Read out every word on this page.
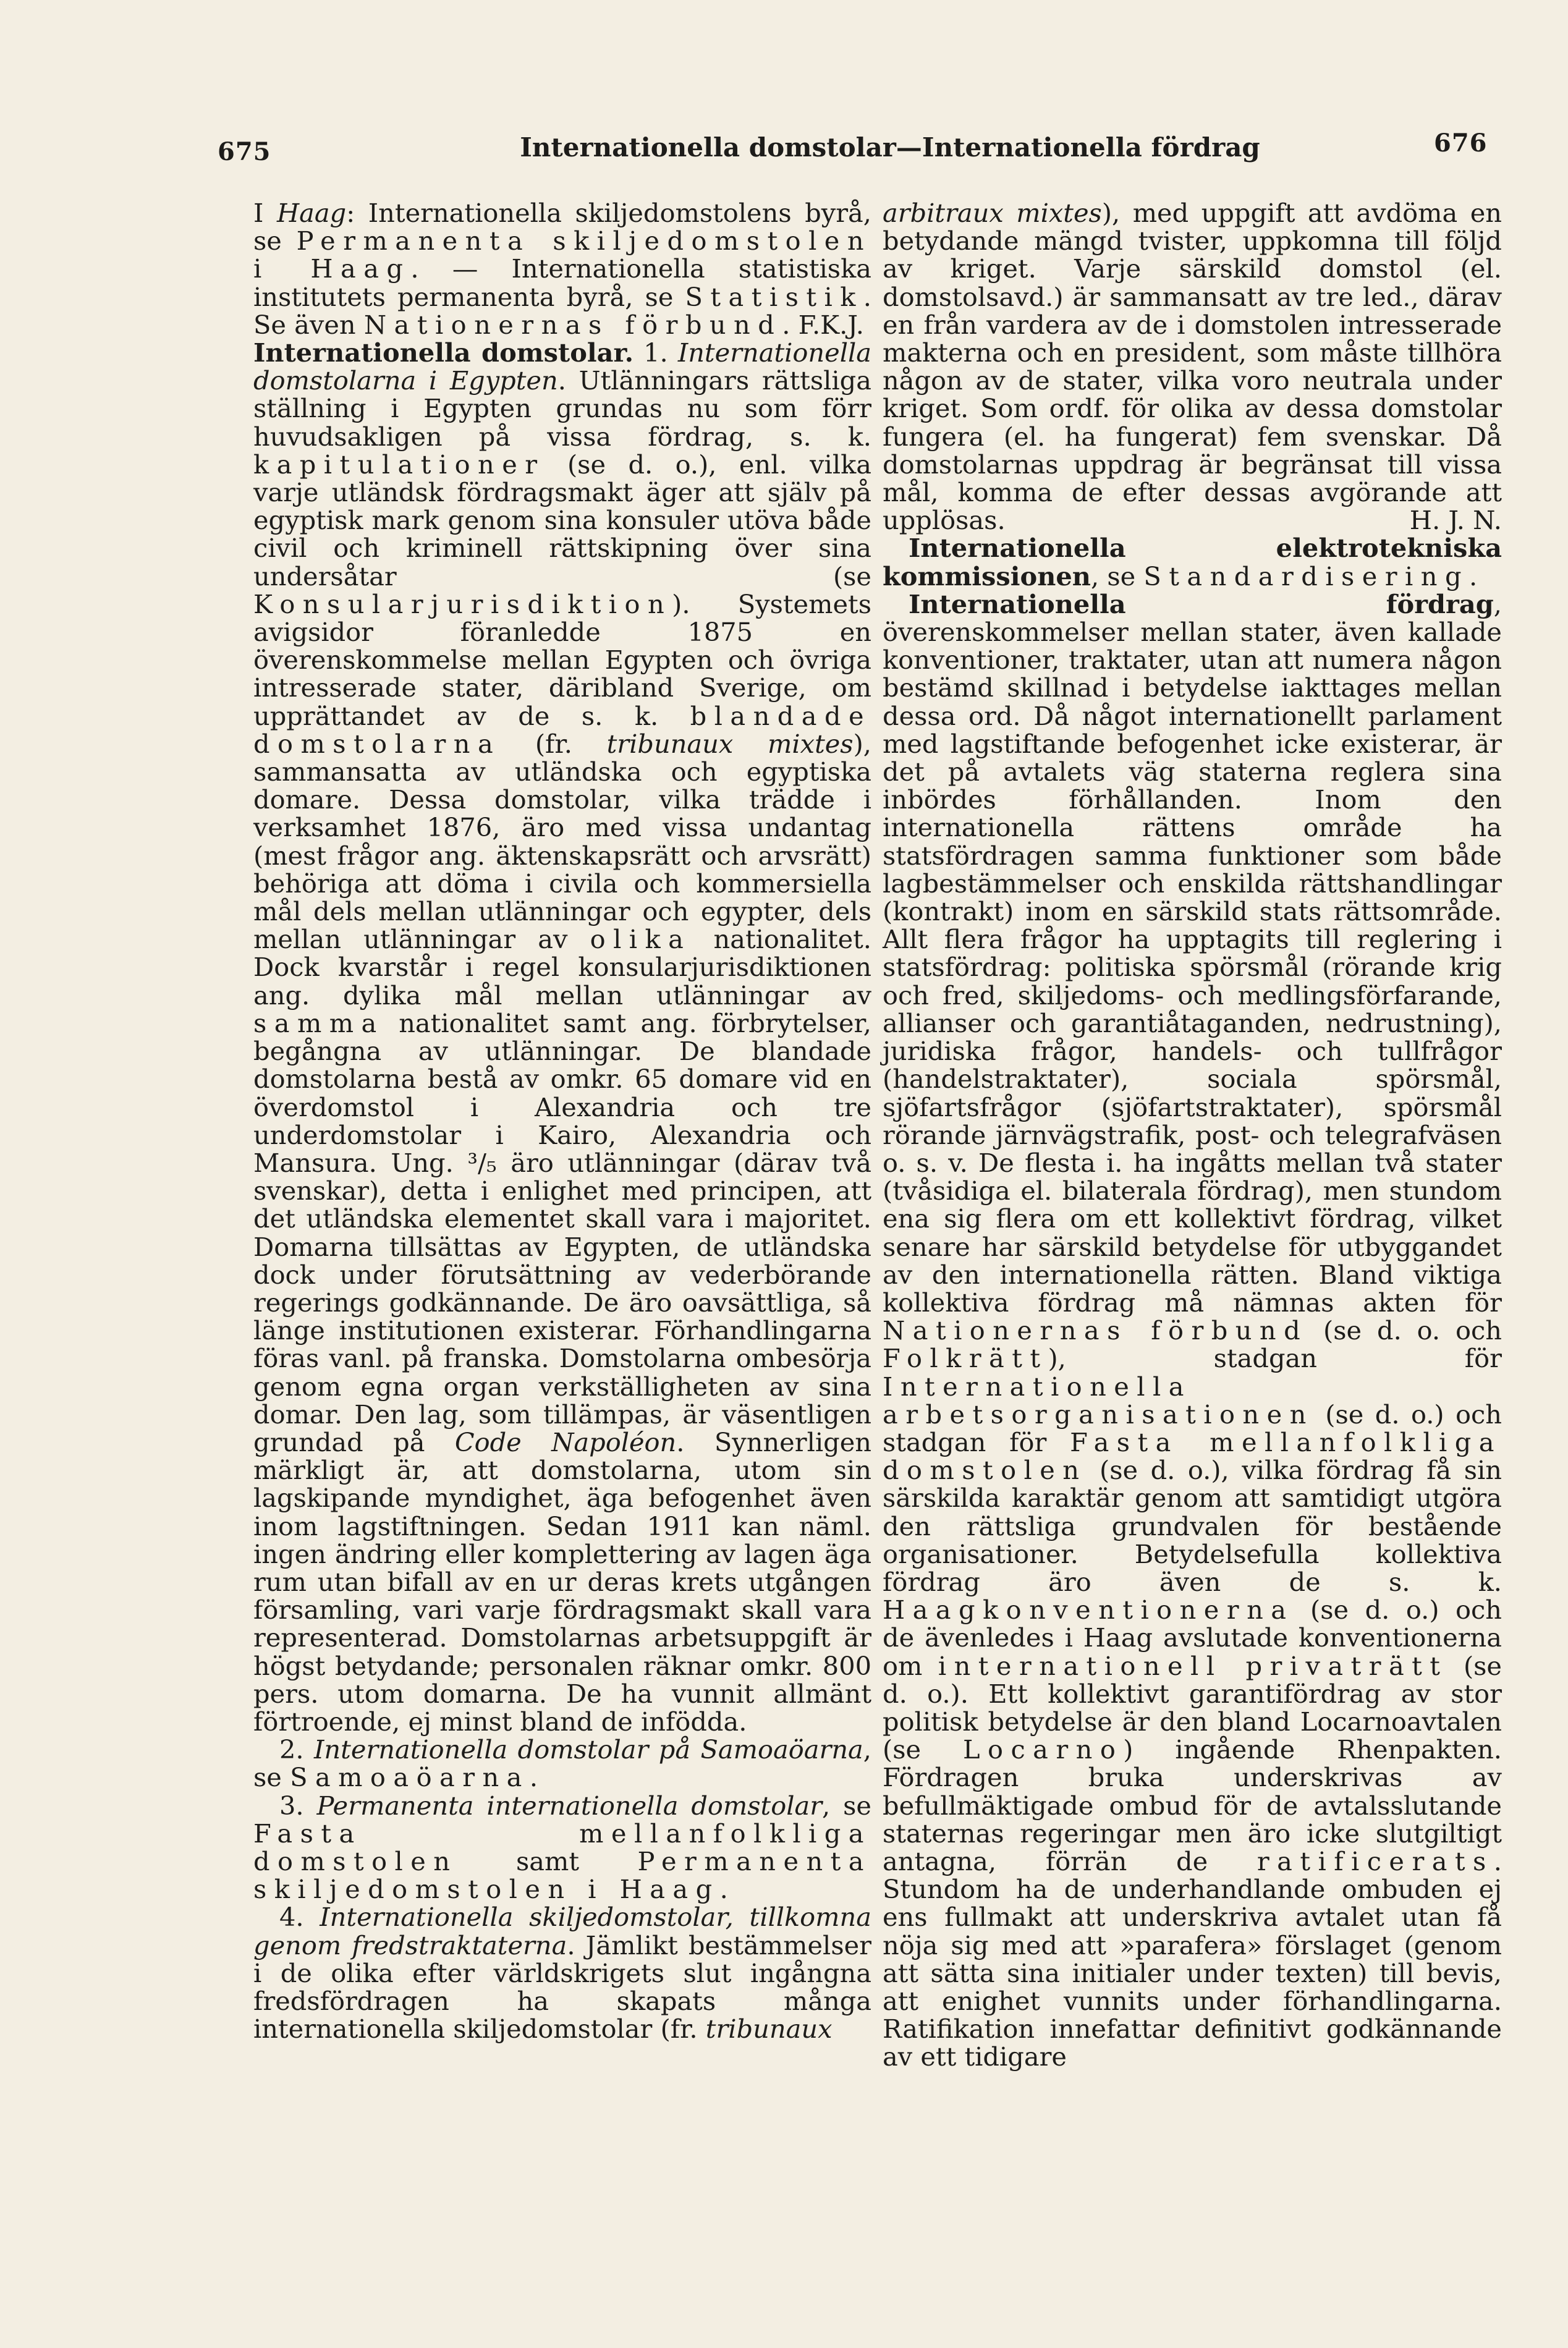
675	Internationella domstolar—Internationella fördrag	676

I Haag: Internationella skiljedomstolens byrå, se Permanenta skiljedomstolen i Haag. — Internationella statistiska institutets permanenta byrå, se Statistik. Se även Nationernas förbund. F.K.J.

Internationella domstolar. 1. Internationella domstolarna i Egypten. Utlänningars rättsliga ställning i Egypten grundas nu som förr huvudsakligen på vissa fördrag, s. k. kapitulationer (se d. o.), enl. vilka varje utländsk fördragsmakt äger att själv på egyptisk mark genom sina konsuler utöva både civil och kriminell rättskipning över sina undersåtar (se Konsularjurisdiktion). Systemets avigsidor föranledde 1875 en överenskommelse mellan Egypten och övriga intresserade stater, däribland Sverige, om upprättandet av de s. k. blandade domstolarna (fr. tribunaux mixtes), sammansatta av utländska och egyptiska domare. Dessa domstolar, vilka trädde i verksamhet 1876, äro med vissa undantag (mest frågor ang. äktenskapsrätt och arvsrätt) behöriga att döma i civila och kommersiella mål dels mellan utlänningar och egypter, dels mellan utlänningar av olika nationalitet. Dock kvarstår i regel konsularjurisdiktionen ang. dylika mål mellan utlänningar av samma nationalitet samt ang. förbrytelser, begångna av utlänningar. De blandade domstolarna bestå av omkr. 65 domare vid en överdomstol i Alexandria och tre underdomstolar i Kairo, Alexandria och Mansura. Ung. ³/₅ äro utlänningar (därav två svenskar), detta i enlighet med principen, att det utländska elementet skall vara i majoritet. Domarna tillsättas av Egypten, de utländska dock under förutsättning av vederbörande regerings godkännande. De äro oavsättliga, så länge institutionen existerar. Förhandlingarna föras vanl. på franska. Domstolarna ombesörja genom egna organ verkställigheten av sina domar. Den lag, som tillämpas, är väsentligen grundad på Code Napoléon. Synnerligen märkligt är, att domstolarna, utom sin lagskipande myndighet, äga befogenhet även inom lagstiftningen. Sedan 1911 kan näml. ingen ändring eller komplettering av lagen äga rum utan bifall av en ur deras krets utgången församling, vari varje fördragsmakt skall vara representerad. Domstolarnas arbetsuppgift är högst betydande; personalen räknar omkr. 800 pers. utom domarna. De ha vunnit allmänt förtroende, ej minst bland de infödda.

2. Internationella domstolar på Samoaöarna, se Samoaöarna.

3. Permanenta internationella domstolar, se Fasta mellanfolkliga domstolen samt Permanenta skiljedomstolen i Haag.

4. Internationella skiljedomstolar, tillkomna genom fredstraktaterna. Jämlikt bestämmelser i de olika efter världskrigets slut ingångna fredsfördragen ha skapats många internationella skiljedomstolar (fr. tribunaux

arbitraux mixtes), med uppgift att avdöma en betydande mängd tvister, uppkomna till följd av kriget. Varje särskild domstol (el. domstolsavd.) är sammansatt av tre led., därav en från vardera av de i domstolen intresserade makterna och en president, som måste tillhöra någon av de stater, vilka voro neutrala under kriget. Som ordf. för olika av dessa domstolar fungera (el. ha fungerat) fem svenskar. Då domstolarnas uppdrag är begränsat till vissa mål, komma de efter dessas avgörande att upplösas.	H. J. N.

Internationella elektrotekniska kommissionen, se Standardisering.

Internationella fördrag, överenskommelser mellan stater, även kallade konventioner, traktater, utan att numera någon bestämd skillnad i betydelse iakttages mellan dessa ord. Då något internationellt parlament med lagstiftande befogenhet icke existerar, är det på avtalets väg staterna reglera sina inbördes förhållanden. Inom den internationella rättens område ha statsfördragen samma funktioner som både lagbestämmelser och enskilda rättshandlingar (kontrakt) inom en särskild stats rättsområde. Allt flera frågor ha upptagits till reglering i statsfördrag: politiska spörsmål (rörande krig och fred, skiljedoms- och medlingsförfarande, allianser och garantiåtaganden, nedrustning), juridiska frågor, handels- och tullfrågor (handelstraktater), sociala spörsmål, sjöfartsfrågor (sjöfartstraktater), spörsmål rörande järnvägstrafik, post- och telegrafväsen o. s. v. De flesta i. ha ingåtts mellan två stater (tvåsidiga el. bilaterala fördrag), men stundom ena sig flera om ett kollektivt fördrag, vilket senare har särskild betydelse för utbyggandet av den internationella rätten. Bland viktiga kollektiva fördrag må nämnas akten för Nationernas förbund (se d. o. och Folkrätt), stadgan för Internationella arbetsorganisationen (se d. o.) och stadgan för Fasta mellanfolkliga domstolen (se d. o.), vilka fördrag få sin särskilda karaktär genom att samtidigt utgöra den rättsliga grundvalen för bestående organisationer. Betydelsefulla kollektiva fördrag äro även de s. k. Haagkonventionerna (se d. o.) och de ävenledes i Haag avslutade konventionerna om internationell privaträtt (se d. o.). Ett kollektivt garantifördrag av stor politisk betydelse är den bland Locarnoavtalen (se Locarno) ingående Rhenpakten. Fördragen bruka underskrivas av befullmäktigade ombud för de avtalsslutande staternas regeringar men äro icke slutgiltigt antagna, förrän de ratificerats. Stundom ha de underhandlande ombuden ej ens fullmakt att underskriva avtalet utan få nöja sig med att »parafera» förslaget (genom att sätta sina initialer under texten) till bevis, att enighet vunnits under förhandlingarna. Ratifikation innefattar definitivt godkännande av ett tidigare
